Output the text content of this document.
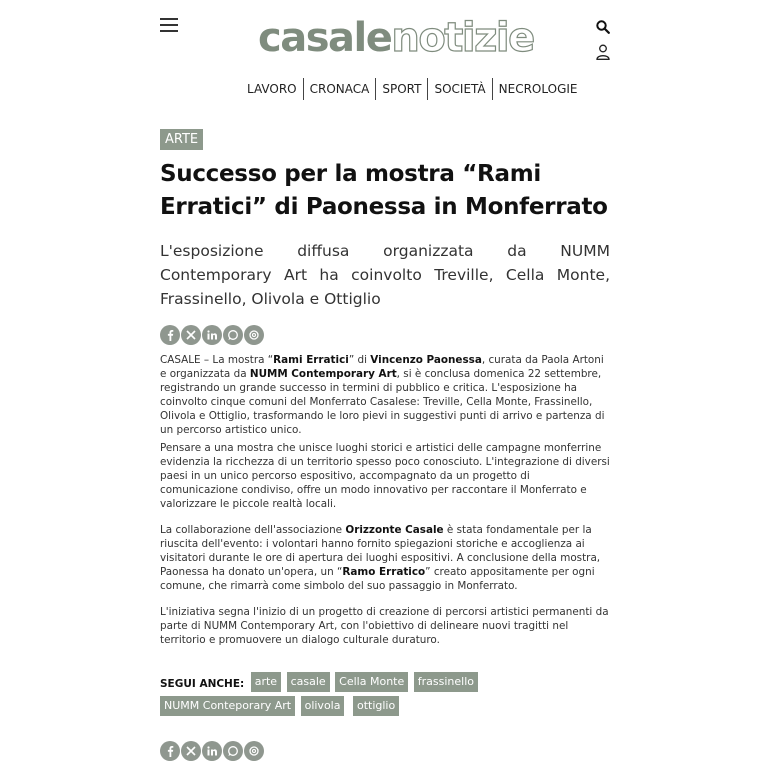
casalenotizie
LAVORO	CRONACA	SPORT	SOCIETÀ	NECROLOGIE
ARTE
Successo per la mostra “Rami Erratici” di Paonessa in Monferrato

L'esposizione diffusa organizzata da NUMM Contemporary Art ha coinvolto Treville, Cella Monte, Frassinello, Olivola e Ottiglio

CASALE – La mostra “Rami Erratici” di Vincenzo Paonessa, curata da Paola Artoni e organizzata da NUMM Contemporary Art, si è conclusa domenica 22 settembre, registrando un grande successo in termini di pubblico e critica. L'esposizione ha coinvolto cinque comuni del Monferrato Casalese: Treville, Cella Monte, Frassinello, Olivola e Ottiglio, trasformando le loro pievi in suggestivi punti di arrivo e partenza di un percorso artistico unico.

Pensare a una mostra che unisce luoghi storici e artistici delle campagne monferrine evidenzia la ricchezza di un territorio spesso poco conosciuto. L'integrazione di diversi paesi in un unico percorso espositivo, accompagnato da un progetto di comunicazione condiviso, offre un modo innovativo per raccontare il Monferrato e valorizzare le piccole realtà locali.

La collaborazione dell'associazione Orizzonte Casale è stata fondamentale per la riuscita dell'evento: i volontari hanno fornito spiegazioni storiche e accoglienza ai visitatori durante le ore di apertura dei luoghi espositivi. A conclusione della mostra, Paonessa ha donato un'opera, un “Ramo Erratico” creato appositamente per ogni comune, che rimarrà come simbolo del suo passaggio in Monferrato.

L'iniziativa segna l'inizio di un progetto di creazione di percorsi artistici permanenti da parte di NUMM Contemporary Art, con l'obiettivo di delineare nuovi tragitti nel territorio e promuovere un dialogo culturale duraturo.

SEGUI ANCHE: arte casale Cella Monte frassinello NUMM Conteporary Art olivola ottiglio
